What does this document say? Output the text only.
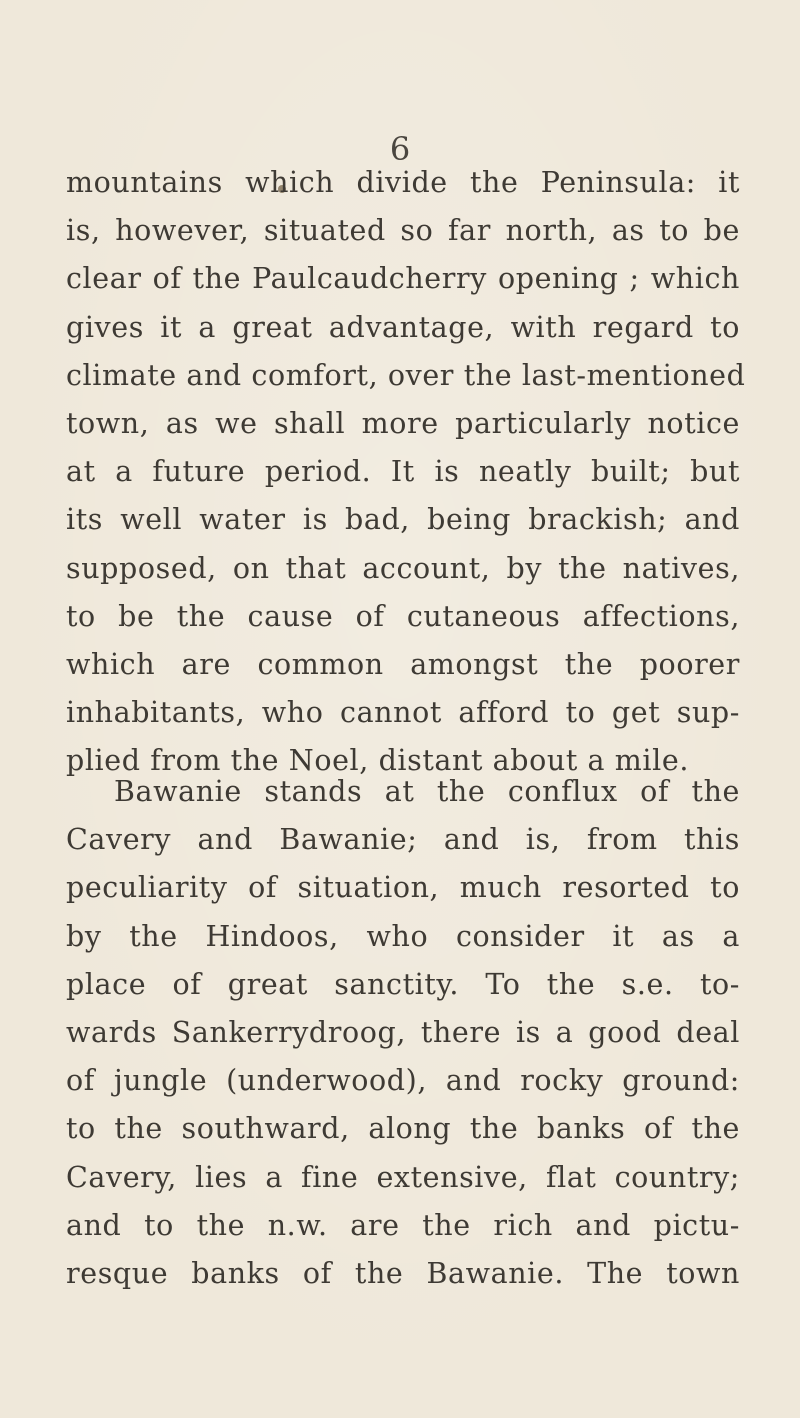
6
mountains which divide the Peninsula: it
is, however, situated so far north, as to be
clear of the Paulcaudcherry opening ; which
gives it a great advantage, with regard to
climate and comfort, over the last-mentioned
town, as we shall more particularly notice
at a future period. It is neatly built; but
its well water is bad, being brackish; and
supposed, on that account, by the natives,
to be the cause of cutaneous affections,
which are common amongst the poorer
inhabitants, who cannot afford to get sup-
plied from the Noel, distant about a mile.
Bawanie stands at the conflux of the
Cavery and Bawanie; and is, from this
peculiarity of situation, much resorted to
by the Hindoos, who consider it as a
place of great sanctity. To the s.e. to-
wards Sankerrydroog, there is a good deal
of jungle (underwood), and rocky ground:
to the southward, along the banks of the
Cavery, lies a fine extensive, flat country;
and to the n.w. are the rich and pictu-
resque banks of the Bawanie. The town
